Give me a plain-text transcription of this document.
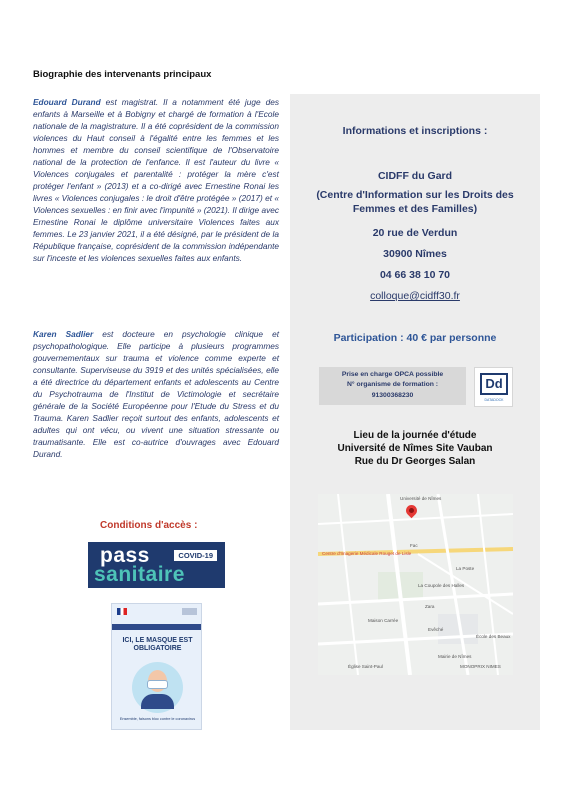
Biographie des intervenants principaux
Edouard Durand est magistrat. Il a notamment été juge des enfants à Marseille et à Bobigny et chargé de formation à l'Ecole nationale de la magistrature. Il a été coprésident de la commission violences du Haut conseil à l'égalité entre les femmes et les hommes et membre du conseil scientifique de l'Observatoire national de la protection de l'enfance. Il est l'auteur du livre « Violences conjugales et parentalité : protéger la mère c'est protéger l'enfant » (2013) et a co-dirigé avec Ernestine Ronai les livres « Violences conjugales : le droit d'être protégée » (2017) et « Violences sexuelles : en finir avec l'impunité » (2021). Il dirige avec Ernestine Ronai le diplôme universitaire Violences faites aux femmes. Le 23 janvier 2021, il a été désigné, par le président de la République française, coprésident de la commission indépendante sur l'inceste et les violences sexuelles faites aux enfants.
Karen Sadlier est docteure en psychologie clinique et psychopathologique. Elle participe à plusieurs programmes gouvernementaux sur trauma et violence comme experte et consultante. Superviseuse du 3919 et des unités spécialisées, elle a été directrice du département enfants et adolescents au Centre du Psychotrauma de l'Institut de Victimologie et secrétaire générale de la Société Européenne pour l'Etude du Stress et du Trauma. Karen Sadlier reçoit surtout des enfants, adolescents et adultes qui ont vécu, ou vivent une situation stressante ou traumatisante. Elle est co-autrice d'ouvrages avec Edouard Durand.
Conditions d'accès :
pass	COVID-19
sanitaire
ICI, LE MASQUE EST OBLIGATOIRE
Ensemble, faisons bloc contre le coronavirus
Informations et inscriptions :
CIDFF du Gard
(Centre d'Information sur les Droits des Femmes et des Familles)
20 rue de Verdun
30900 Nîmes
04 66 38 10 70
colloque@cidff30.fr
Participation : 40 € par personne
Prise en charge OPCA possible
N° organisme de formation :
91300368230
Dd
DATADOCK
Lieu de la journée d'étude
Université de Nîmes Site Vauban
Rue du Dr Georges Salan
Université de Nîmes
Centre d'Imagerie Médicale Rouget de Lisle
Fac
La Poste
La Coupole des Halles
Zara
Maison Carrée
Evêché
Mairie de Nîmes
MONOPRIX NIMES
Église Saint-Paul
École des Beaux
